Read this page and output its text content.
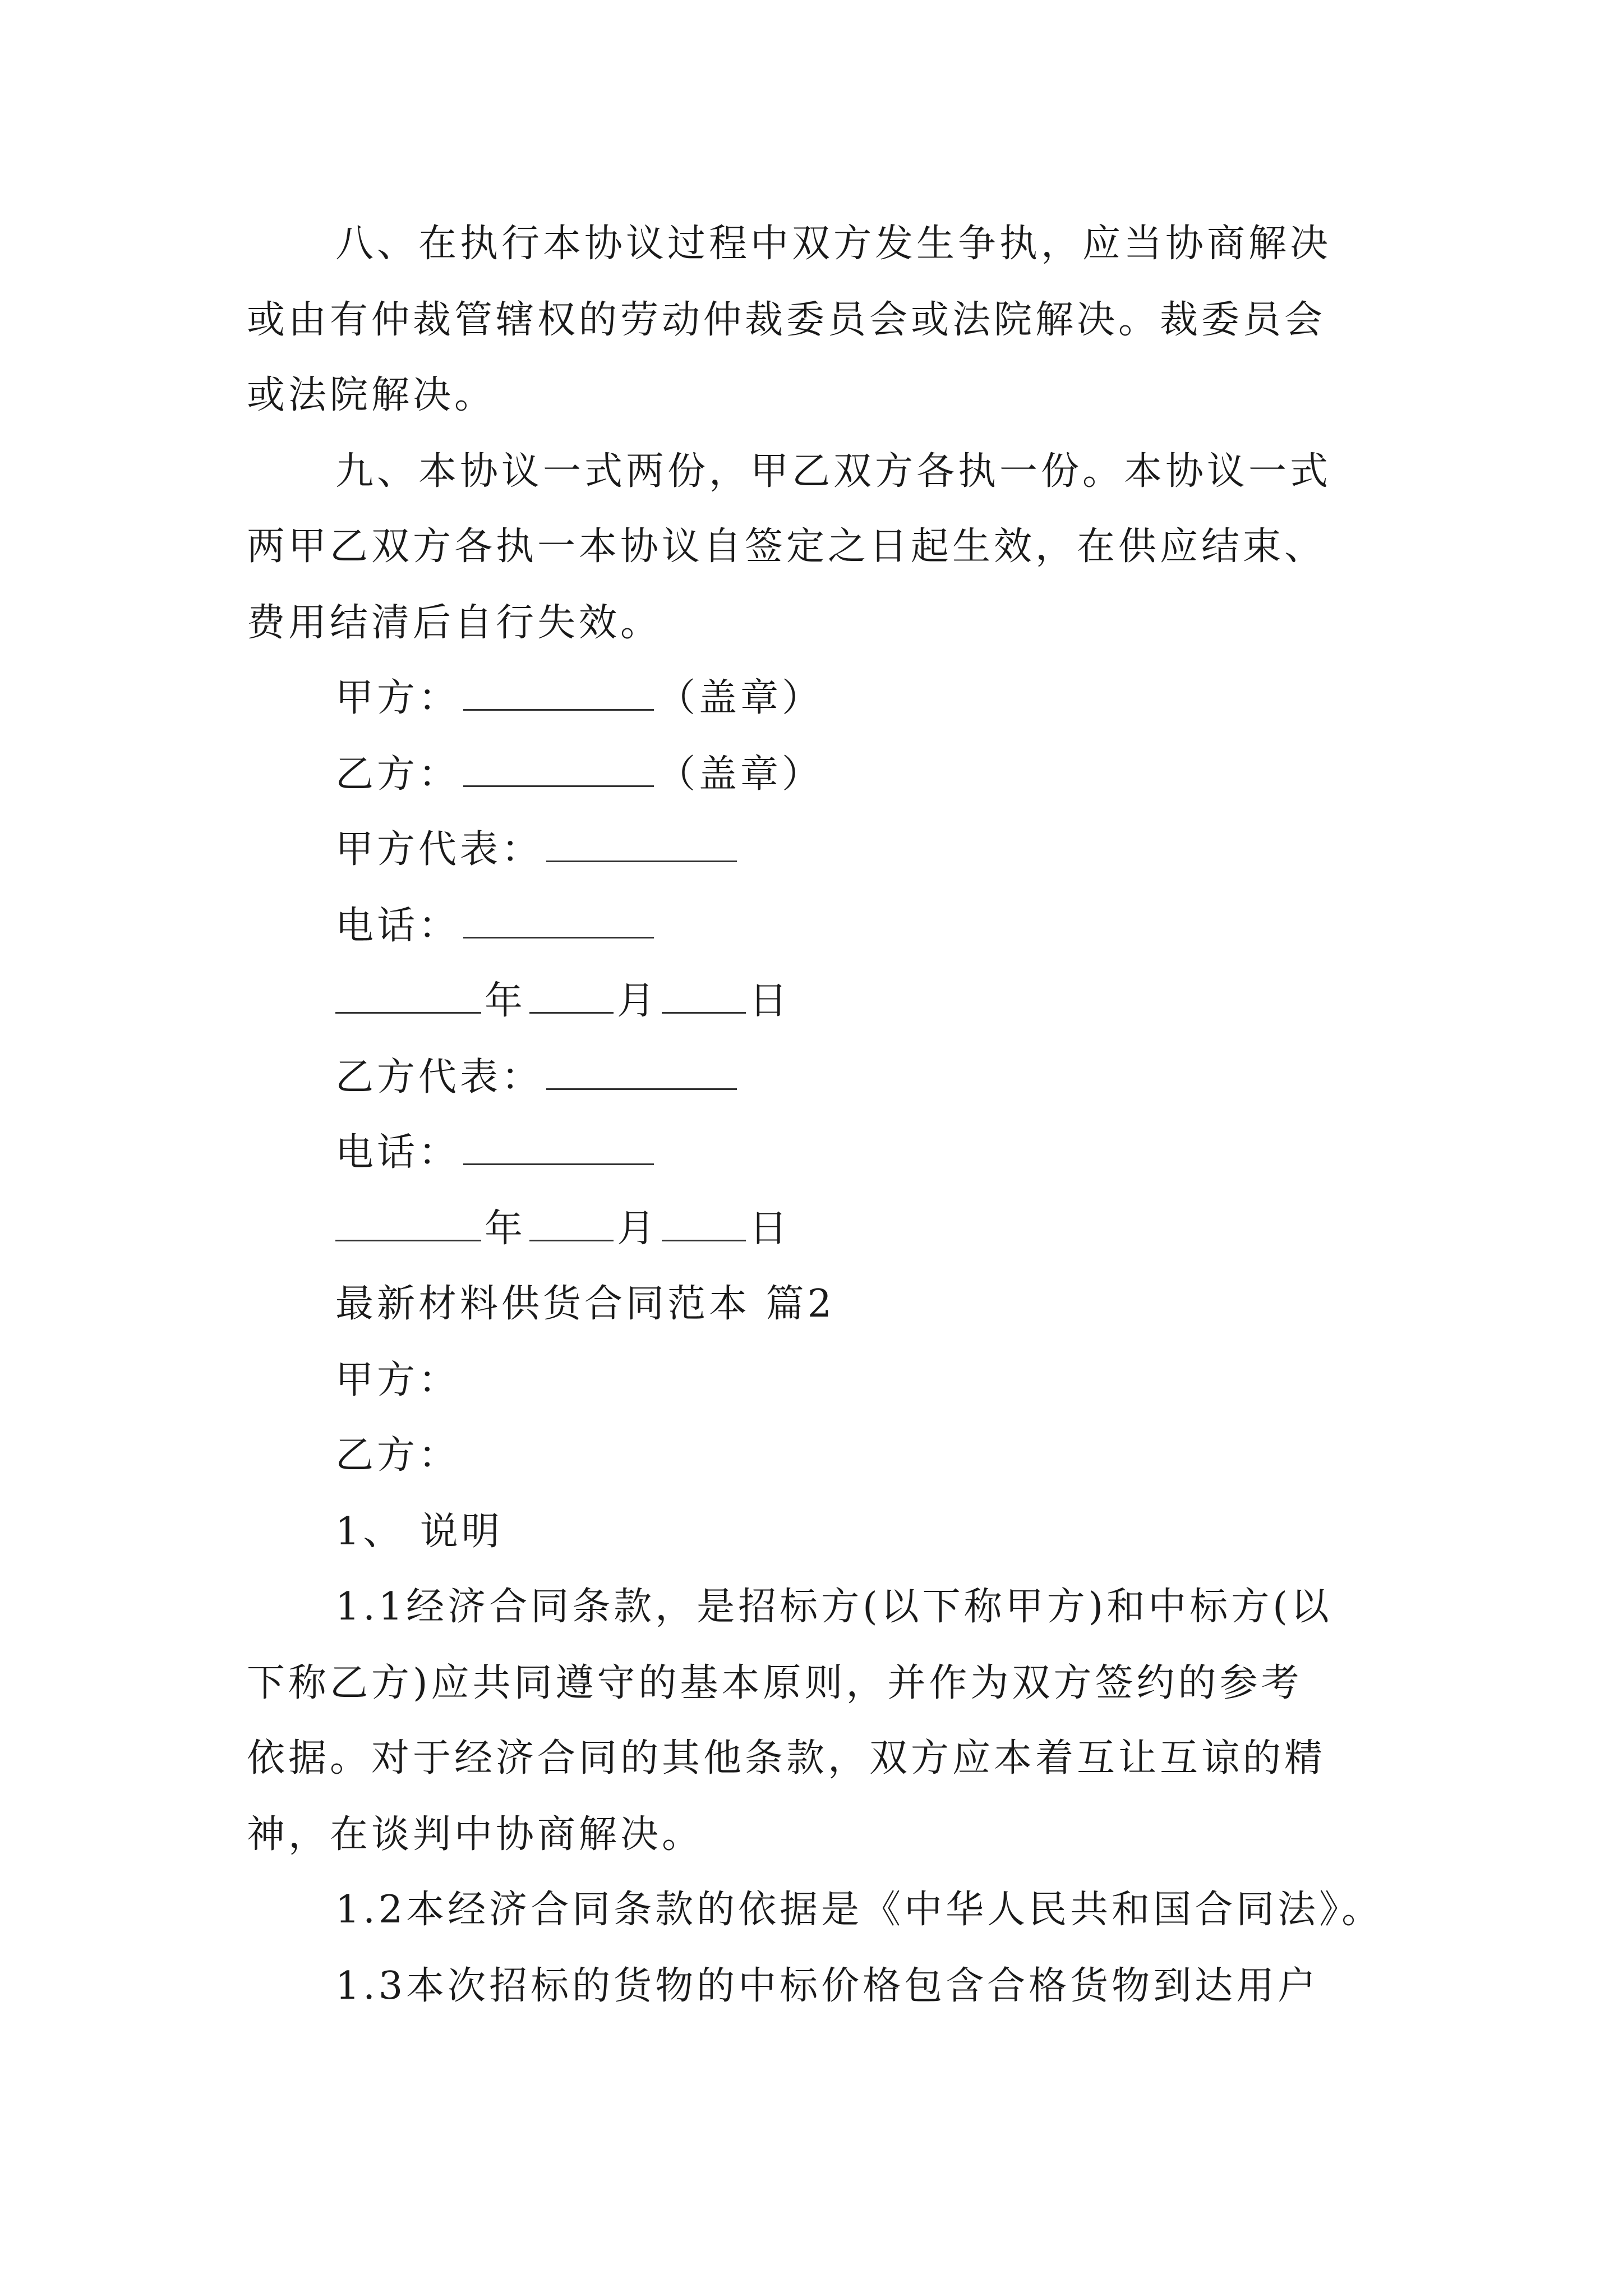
八、在执行本协议过程中双方发生争执，应当协商解决
或由有仲裁管辖权的劳动仲裁委员会或法院解决。裁委员会
或法院解决。
九、本协议一式两份，甲乙双方各执一份。本协议一式
两甲乙双方各执一本协议自签定之日起生效，在供应结束、
费用结清后自行失效。
甲方：	（盖章）
乙方：	（盖章）
甲方代表：
电话：
年 月 日
乙方代表：
电话：
年 月 日
最新材料供货合同范本 篇2
甲方：
乙方：
1、 说明
1.1经济合同条款，是招标方(以下称甲方)和中标方(以
下称乙方)应共同遵守的基本原则，并作为双方签约的参考
依据。对于经济合同的其他条款，双方应本着互让互谅的精
神，在谈判中协商解决。
1.2本经济合同条款的依据是《中华人民共和国合同法》。
1.3本次招标的货物的中标价格包含合格货物到达用户
